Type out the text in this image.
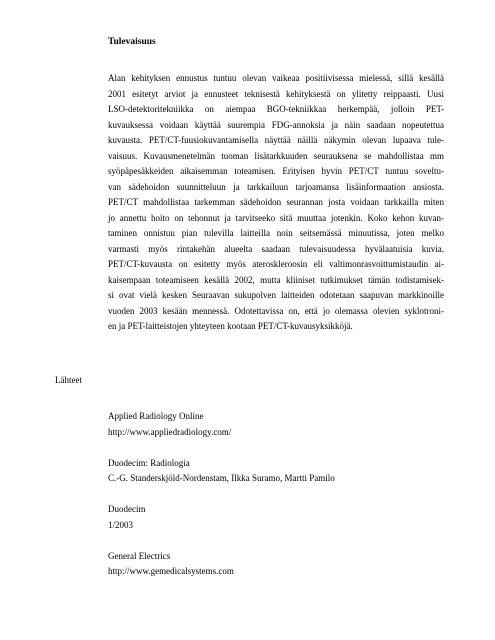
Tulevaisuus

Alan kehityksen ennustus tuntuu olevan vaikeaa positiivisessa mielessä, sillä kesällä
2001 esitetyt arviot ja ennusteet teknisestä kehityksestä on ylitetty reippaasti. Uusi
LSO-detektoritekniikka on aiempaa BGO-tekniikkaa herkempää, jolloin PET-
kuvauksessa voidaan käyttää suurempia FDG-annoksia ja näin saadaan nopeutettua
kuvausta. PET/CT-fuusiokuvantamisella näyttää näillä näkymin olevan lupaava tule-
vaisuus. Kuvausmenetelmän tuoman lisätarkkuuden seurauksena se mahdollistaa mm
syöpäpesäkkeiden aikaisemman toteamisen. Erityisen hyvin PET/CT tuntuu soveltu-
van sädehoidon suunnitteluun ja tarkkailuun tarjoamansa lisäinformaation ansiosta.
PET/CT mahdollistaa tarkemman sädehoidon seurannan josta voidaan tarkkailla miten
jo annettu hoito on tehonnut ja tarvitseeko sitä muuttaa jotenkin. Koko kehon kuvan-
taminen onnistuu pian tulevilla laitteilla noin seitsemässä minuutissa, joten melko
varmasti myös rintakehän alueelta saadaan tulevaisuudessa hyvälaatuisia kuvia.
PET/CT-kuvausta on esitetty myös ateroskleroosin eli valtimonrasvoittumistaudin ai-
kaisempaan toteamiseen kesällä 2002, mutta kliiniset tutkimukset tämän todistamisek-
si ovat vielä kesken Seuraavan sukupolven laitteiden odotetaan saapuvan markkinoille
vuoden 2003 kesään mennessä. Odotettavissa on, että jo olemassa olevien syklotroni-
en ja PET-laitteistojen yhteyteen kootaan PET/CT-kuvausyksikköjä.

Lähteet

Applied Radiology Online
http://www.appliedradiology.com/
Duodecim: Radiologia
C.-G. Standerskjöld-Nordenstam, Ilkka Suramo, Martti Pamilo
Duodecim
1/2003
General Electrics
http://www.gemedicalsystems.com
